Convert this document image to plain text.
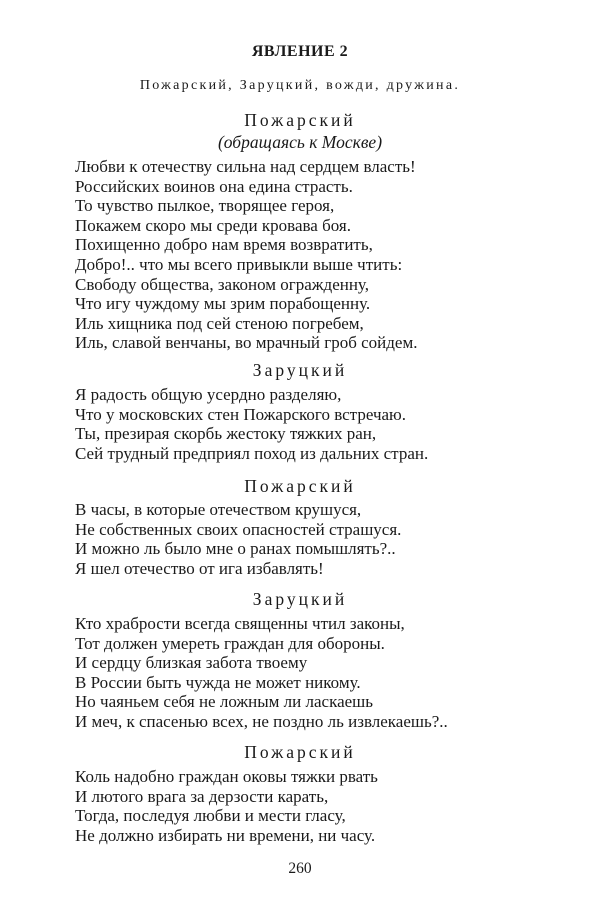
ЯВЛЕНИЕ 2
Пожарский, Заруцкий, вожди, дружина.
Пожарский
(обращаясь к Москве)
Любви к отечеству сильна над сердцем власть!
Российских воинов она едина страсть.
То чувство пылкое, творящее героя,
Покажем скоро мы среди кровава боя.
Похищенно добро нам время возвратить,
Добро!.. что мы всего привыкли выше чтить:
Свободу общества, законом огражденну,
Что игу чуждому мы зрим порабощенну.
Иль хищника под сей стеною погребем,
Иль, славой венчаны, во мрачный гроб сойдем.
Заруцкий
Я радость общую усердно разделяю,
Что у московских стен Пожарского встречаю.
Ты, презирая скорбь жестоку тяжких ран,
Сей трудный предприял поход из дальних стран.
Пожарский
В часы, в которые отечеством крушуся,
Не собственных своих опасностей страшуся.
И можно ль было мне о ранах помышлять?..
Я шел отечество от ига избавлять!
Заруцкий
Кто храбрости всегда священны чтил законы,
Тот должен умереть граждан для обороны.
И сердцу близкая забота твоему
В России быть чужда не может никому.
Но чаяньем себя не ложным ли ласкаешь
И меч, к спасенью всех, не поздно ль извлекаешь?..
Пожарский
Коль надобно граждан оковы тяжки рвать
И лютого врага за дерзости карать,
Тогда, последуя любви и мести гласу,
Не должно избирать ни времени, ни часу.
260
